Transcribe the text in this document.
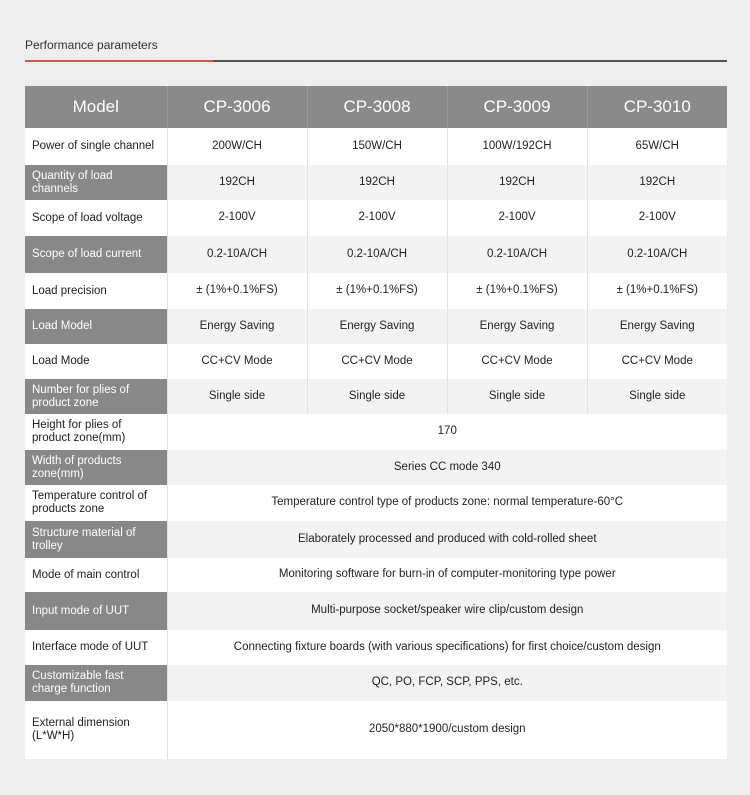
Performance parameters
Model	CP-3006	CP-3008	CP-3009	CP-3010
Power of single channel	200W/CH	150W/CH	100W/192CH	65W/CH
Quantity of load channels	192CH	192CH	192CH	192CH
Scope of load voltage	2-100V	2-100V	2-100V	2-100V
Scope of load current	0.2-10A/CH	0.2-10A/CH	0.2-10A/CH	0.2-10A/CH
Load precision	± (1%+0.1%FS)	± (1%+0.1%FS)	± (1%+0.1%FS)	± (1%+0.1%FS)
Load Model	Energy Saving	Energy Saving	Energy Saving	Energy Saving
Load Mode	CC+CV Mode	CC+CV Mode	CC+CV Mode	CC+CV Mode
Number for plies of product zone	Single side	Single side	Single side	Single side
Height for plies of product zone(mm)	170			
Width of products zone(mm)	Series CC mode 340			
Temperature control of products zone	Temperature control type of products zone: normal temperature-60°C			
Structure material of trolley	Elaborately processed and produced with cold-rolled sheet			
Mode of main control	Monitoring software for burn-in of computer-monitoring type power			
Input mode of UUT	Multi-purpose socket/speaker wire clip/custom design			
Interface mode of UUT	Connecting fixture boards (with various specifications) for first choice/custom design			
Customizable fast charge function	QC, PO, FCP, SCP, PPS, etc.			
External dimension (L*W*H)	2050*880*1900/custom design			
